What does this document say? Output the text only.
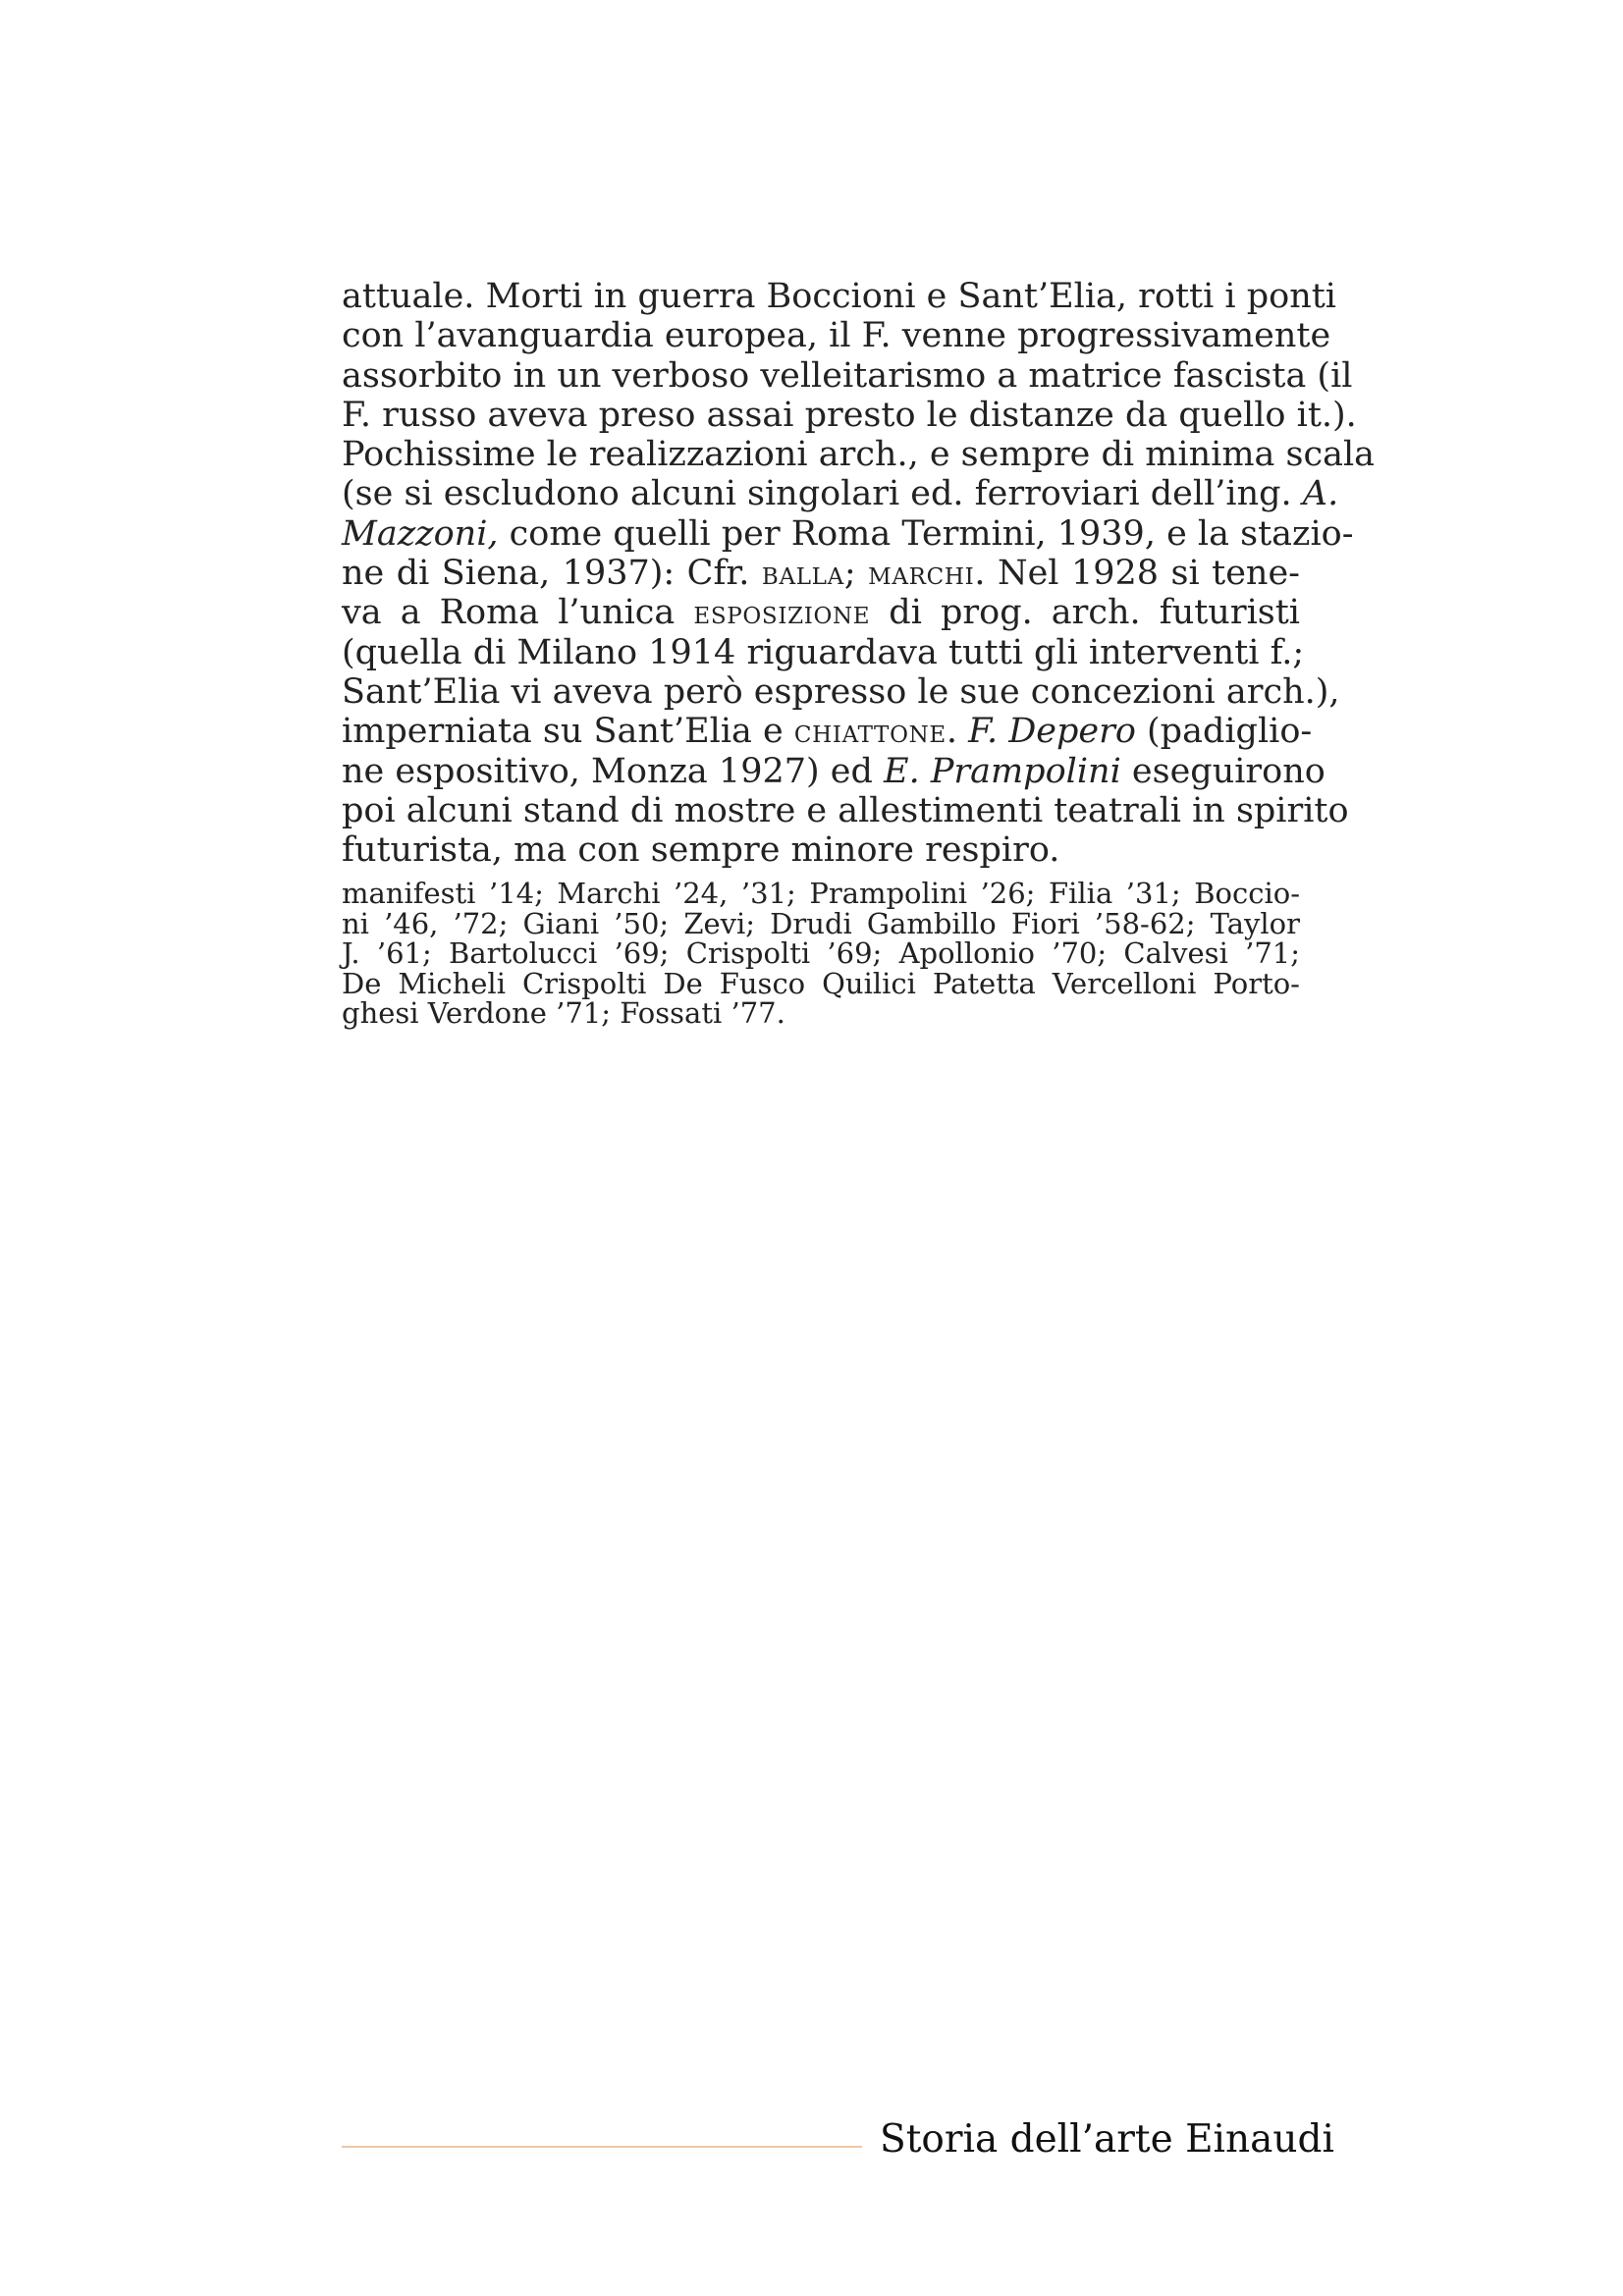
attuale. Morti in guerra Boccioni e Sant’Elia, rotti i ponti
con l’avanguardia europea, il F. venne progressivamente
assorbito in un verboso velleitarismo a matrice fascista (il
F. russo aveva preso assai presto le distanze da quello it.).
Pochissime le realizzazioni arch., e sempre di minima scala
(se si escludono alcuni singolari ed. ferroviari dell’ing. A.
Mazzoni, come quelli per Roma Termini, 1939, e la stazio-
ne di Siena, 1937): Cfr. balla; marchi. Nel 1928 si tene-
va a Roma l’unica esposizione di prog. arch. futuristi
(quella di Milano 1914 riguardava tutti gli interventi f.;
Sant’Elia vi aveva però espresso le sue concezioni arch.),
imperniata su Sant’Elia e chiattone. F. Depero (padiglio-
ne espositivo, Monza 1927) ed E. Prampolini eseguirono
poi alcuni stand di mostre e allestimenti teatrali in spirito
futurista, ma con sempre minore respiro.
manifesti ’14; Marchi ’24, ’31; Prampolini ’26; Filia ’31; Boccio-
ni ’46, ’72; Giani ’50; Zevi; Drudi Gambillo Fiori ’58-62; Taylor
J. ’61; Bartolucci ’69; Crispolti ’69; Apollonio ’70; Calvesi ’71;
De Micheli Crispolti De Fusco Quilici Patetta Vercelloni Porto-
ghesi Verdone ’71; Fossati ’77.
Storia dell’arte Einaudi
